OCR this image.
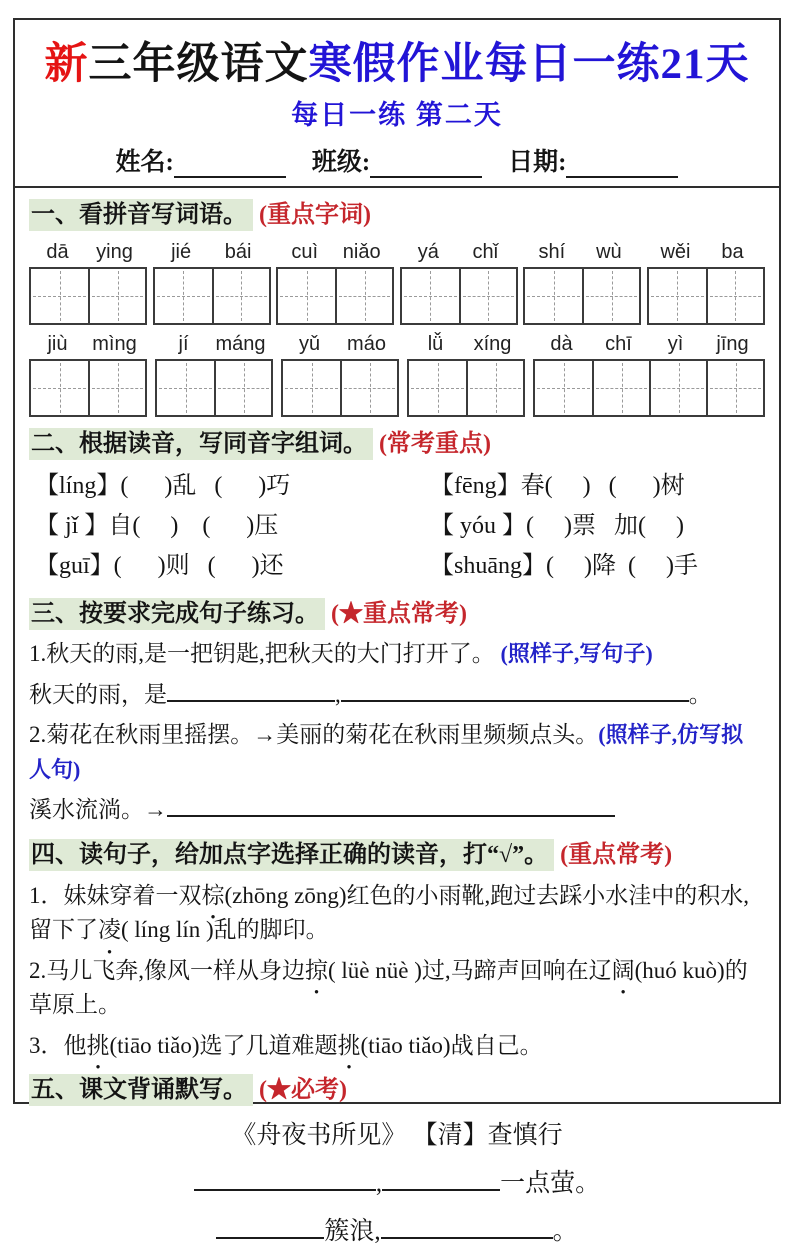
新三年级语文寒假作业每日一练21天
每日一练 第二天
姓名:	班级:	日期:
一、看拼音写词语。 (重点字词)
dā	ying	jié	bái	cuì	niǎo	yá	chǐ	shí	wù	wěi	ba
jiù	mìng	jí	máng	yǔ	máo	lǚ	xíng	dà	chī	yì	jīng
二、根据读音，写同音字组词。 (常考重点)
【líng】(      )乱   (      )巧	【fēng】春(     )   (      )树
【 jǐ 】自(     )    (      )压	【 yóu 】(     )票   加(     )
【guī】(      )则   (      )还	【shuāng】(     )降  (     )手
三、按要求完成句子练习。 (★重点常考)
1.秋天的雨,是一把钥匙,把秋天的大门打开了。 (照样子,写句子)
秋天的雨，是	,	。
2.菊花在秋雨里摇摆。→美丽的菊花在秋雨里频频点头。(照样子,仿写拟人句)
溪水流淌。→
四、读句子，给加点字选择正确的读音，打“√”。 (重点常考)
1．妹妹穿着一双棕 ●(zhōng zōng)红色的小雨靴,跑过去踩小水洼中的积水,留下了凌 ●( líng lín )乱的脚印。
2.马儿飞奔,像风一样从身边掠 ●( lüè nüè )过,马蹄声回响在辽阔 ●(huó kuò)的草原上。
3．他挑 ●(tiāo tiǎo)选了几道难题挑 ●(tiāo tiǎo)战自己。
五、课文背诵默写。 (★必考)
《舟夜书所见》 【清】查慎行
,	一点萤。
簇浪,	。
